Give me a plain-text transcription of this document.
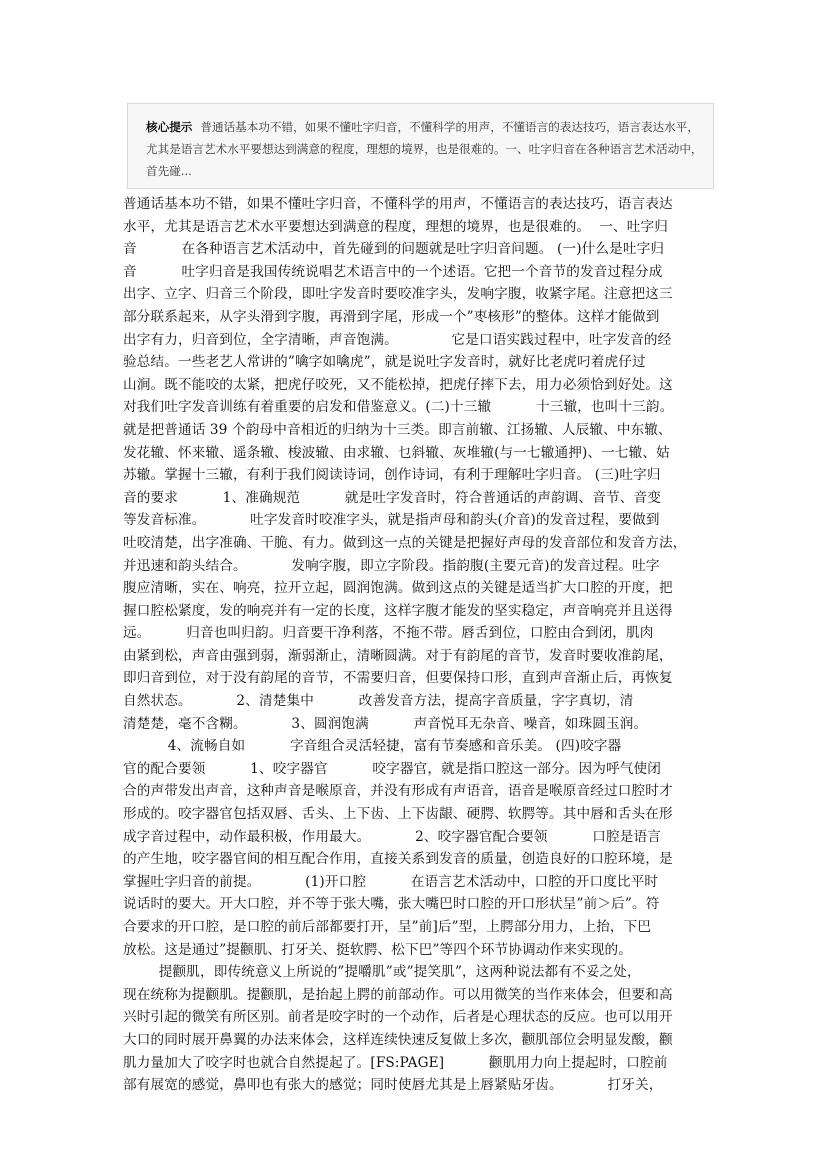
核心提示 普通话基本功不错，如果不懂吐字归音，不懂科学的用声，不懂语言的表达技巧，语言表达水平，尤其是语言艺术水平要想达到满意的程度，理想的境界，也是很难的。一、吐字归音在各种语言艺术活动中，首先碰...
普通话基本功不错，如果不懂吐字归音，不懂科学的用声，不懂语言的表达技巧，语言表达
水平，尤其是语言艺术水平要想达到满意的程度，理想的境界，也是很难的。  一、吐字归
音          在各种语言艺术活动中，首先碰到的问题就是吐字归音问题。 (一)什么是吐字归
音          吐字归音是我国传统说唱艺术语言中的一个述语。它把一个音节的发音过程分成
出字、立字、归音三个阶段，即吐字发音时要咬准字头，发响字腹，收紧字尾。注意把这三
部分联系起来，从字头滑到字腹，再滑到字尾，形成一个”枣核形”的整体。这样才能做到
出字有力，归音到位，全字清晰，声音饱满。            它是口语实践过程中，吐字发音的经
验总结。一些老艺人常讲的”噙字如噙虎”，就是说吐字发音时，就好比老虎叼着虎仔过
山涧。既不能咬的太紧，把虎仔咬死，又不能松掉，把虎仔摔下去，用力必须恰到好处。这
对我们吐字发音训练有着重要的启发和借鉴意义。(二)十三辙          十三辙，也叫十三韵。
就是把普通话 39 个韵母中音相近的归纳为十三类。即言前辙、江扬辙、人辰辙、中东辙、
发花辙、怀来辙、遥条辙、梭波辙、由求辙、乜斜辙、灰堆辙(与一七辙通押)、一七辙、姑
苏辙。掌握十三辙，有利于我们阅读诗词，创作诗词，有利于理解吐字归音。 (三)吐字归
音的要求          1、准确规范          就是吐字发音时，符合普通话的声韵调、音节、音变
等发音标准。          吐字发音时咬准字头，就是指声母和韵头(介音)的发音过程，要做到
吐咬清楚，出字准确、干脆、有力。做到这一点的关键是把握好声母的发音部位和发音方法，
并迅速和韵头结合。          发响字腹，即立字阶段。指韵腹(主要元音)的发音过程。吐字
腹应清晰，实在、响亮，拉开立起，圆润饱满。做到这点的关键是适当扩大口腔的开度，把
握口腔松紧度，发的响亮并有一定的长度，这样字腹才能发的坚实稳定，声音响亮并且送得
远。        归音也叫归韵。归音要干净利落，不拖不带。唇舌到位，口腔由合到闭，肌肉
由紧到松，声音由强到弱，渐弱渐止，清晰圆满。对于有韵尾的音节，发音时要收准韵尾，
即归音到位，对于没有韵尾的音节，不需要归音，但要保持口形，直到声音渐止后，再恢复
自然状态。          2、清楚集中          改善发音方法，提高字音质量，字字真切，清
清楚楚，毫不含糊。          3、圆润饱满          声音悦耳无杂音、噪音，如珠圆玉润。
4、流畅自如          字音组合灵活轻捷，富有节奏感和音乐美。 (四)咬字器
官的配合要领          1、咬字器官          咬字器官，就是指口腔这一部分。因为呼气使闭
合的声带发出声音，这种声音是喉原音，并没有形成有声语音，语音是喉原音经过口腔时才
形成的。咬字器官包括双唇、舌头、上下齿、上下齿龈、硬腭、软腭等。其中唇和舌头在形
成字音过程中，动作最积极，作用最大。          2、咬字器官配合要领          口腔是语言
的产生地，咬字器官间的相互配合作用，直接关系到发音的质量，创造良好的口腔环境，是
掌握吐字归音的前提。          (1)开口腔          在语言艺术活动中，口腔的开口度比平时
说话时的要大。开大口腔，并不等于张大嘴，张大嘴巴时口腔的开口形状呈”前＞后”。符
合要求的开口腔，是口腔的前后部都要打开，呈”前]后”型，上腭部分用力，上抬，下巴
放松。这是通过”提颧肌、打牙关、挺软腭、松下巴”等四个环节协调动作来实现的。
提颧肌，即传统意义上所说的”提嚼肌”或”提笑肌”，这两种说法都有不妥之处，
现在统称为提颧肌。提颧肌，是抬起上腭的前部动作。可以用微笑的当作来体会，但要和高
兴时引起的微笑有所区别。前者是咬字时的一个动作，后者是心理状态的反应。也可以用开
大口的同时展开鼻翼的办法来体会，这样连续快速反复做上多次，颧肌部位会明显发酸，颧
肌力量加大了咬字时也就合自然提起了。[FS:PAGE]          颧肌用力向上提起时，口腔前
部有展宽的感觉，鼻叩也有张大的感觉；同时使唇尤其是上唇紧贴牙齿。          打牙关，
